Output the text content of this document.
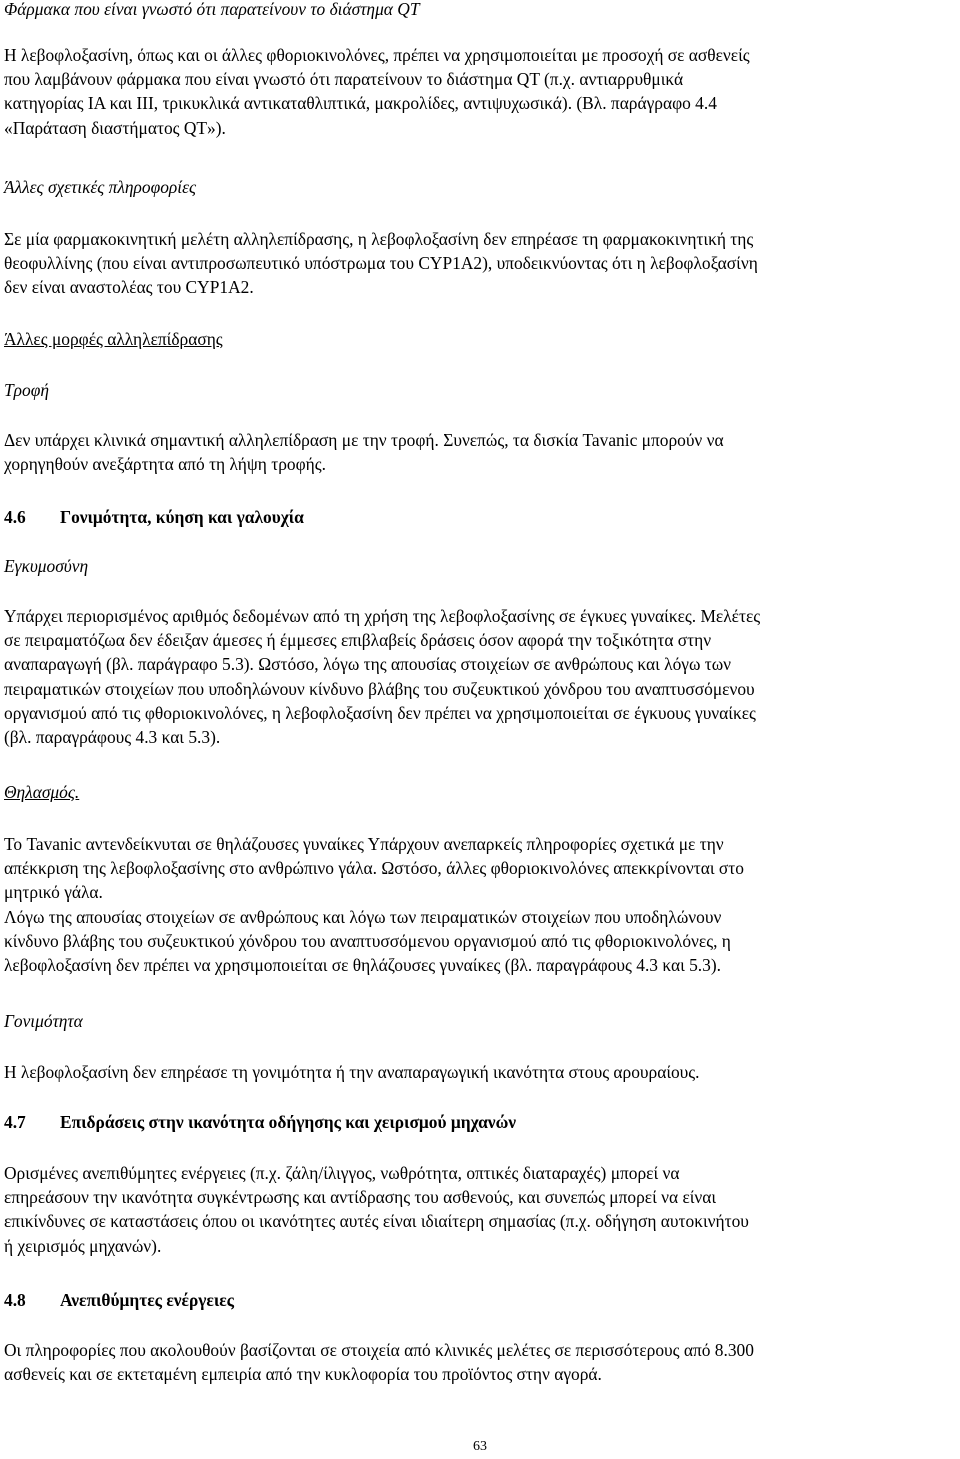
Φάρμακα που είναι γνωστό ότι παρατείνουν το διάστημα QT
Η λεβοφλοξασίνη, όπως και οι άλλες φθοριοκινολόνες, πρέπει να χρησιμοποιείται με προσοχή σε ασθενείς
που λαμβάνουν φάρμακα που είναι γνωστό ότι παρατείνουν το διάστημα QT (π.χ. αντιαρρυθμικά
κατηγορίας IA και III, τρικυκλικά αντικαταθλιπτικά, μακρολίδες, αντιψυχωσικά). (Βλ. παράγραφο 4.4
«Παράταση διαστήματος QT»).
Άλλες σχετικές πληροφορίες
Σε μία φαρμακοκινητική μελέτη αλληλεπίδρασης, η λεβοφλοξασίνη δεν επηρέασε τη φαρμακοκινητική της
θεοφυλλίνης (που είναι αντιπροσωπευτικό υπόστρωμα του CYP1A2), υποδεικνύοντας ότι η λεβοφλοξασίνη
δεν είναι αναστολέας του CYP1A2.
Άλλες μορφές αλληλεπίδρασης
Τροφή
Δεν υπάρχει κλινικά σημαντική αλληλεπίδραση με την τροφή. Συνεπώς, τα δισκία Tavanic μπορούν να
χορηγηθούν ανεξάρτητα από τη λήψη τροφής.
4.6 Γονιμότητα, κύηση και γαλουχία
Εγκυμοσύνη
Υπάρχει περιορισμένος αριθμός δεδομένων από τη χρήση της λεβοφλοξασίνης σε έγκυες γυναίκες. Μελέτες
σε πειραματόζωα δεν έδειξαν άμεσες ή έμμεσες επιβλαβείς δράσεις όσον αφορά την τοξικότητα στην
αναπαραγωγή (βλ. παράγραφο 5.3). Ωστόσο, λόγω της απουσίας στοιχείων σε ανθρώπους και λόγω των
πειραματικών στοιχείων που υποδηλώνουν κίνδυνο βλάβης του συζευκτικού χόνδρου του αναπτυσσόμενου
οργανισμού από τις φθοριοκινολόνες, η λεβοφλοξασίνη δεν πρέπει να χρησιμοποιείται σε έγκυους γυναίκες
(βλ. παραγράφους 4.3 και 5.3).
Θηλασμός.
Το Tavanic αντενδείκνυται σε θηλάζουσες γυναίκες Υπάρχουν ανεπαρκείς πληροφορίες σχετικά με την
απέκκριση της λεβοφλοξασίνης στο ανθρώπινο γάλα. Ωστόσο, άλλες φθοριοκινολόνες απεκκρίνονται στο
μητρικό γάλα.
Λόγω της απουσίας στοιχείων σε ανθρώπους και λόγω των πειραματικών στοιχείων που υποδηλώνουν
κίνδυνο βλάβης του συζευκτικού χόνδρου του αναπτυσσόμενου οργανισμού από τις φθοριοκινολόνες, η
λεβοφλοξασίνη δεν πρέπει να χρησιμοποιείται σε θηλάζουσες γυναίκες (βλ. παραγράφους 4.3 και 5.3).
Γονιμότητα
Η λεβοφλοξασίνη δεν επηρέασε τη γονιμότητα ή την αναπαραγωγική ικανότητα στους αρουραίους.
4.7 Επιδράσεις στην ικανότητα οδήγησης και χειρισμού μηχανών
Ορισμένες ανεπιθύμητες ενέργειες (π.χ. ζάλη/ίλιγγος, νωθρότητα, οπτικές διαταραχές) μπορεί να
επηρεάσουν την ικανότητα συγκέντρωσης και αντίδρασης του ασθενούς, και συνεπώς μπορεί να είναι
επικίνδυνες σε καταστάσεις όπου οι ικανότητες αυτές είναι ιδιαίτερη σημασίας (π.χ. οδήγηση αυτοκινήτου
ή χειρισμός μηχανών).
4.8 Ανεπιθύμητες ενέργειες
Οι πληροφορίες που ακολουθούν βασίζονται σε στοιχεία από κλινικές μελέτες σε περισσότερους από 8.300
ασθενείς και σε εκτεταμένη εμπειρία από την κυκλοφορία του προϊόντος στην αγορά.
63
